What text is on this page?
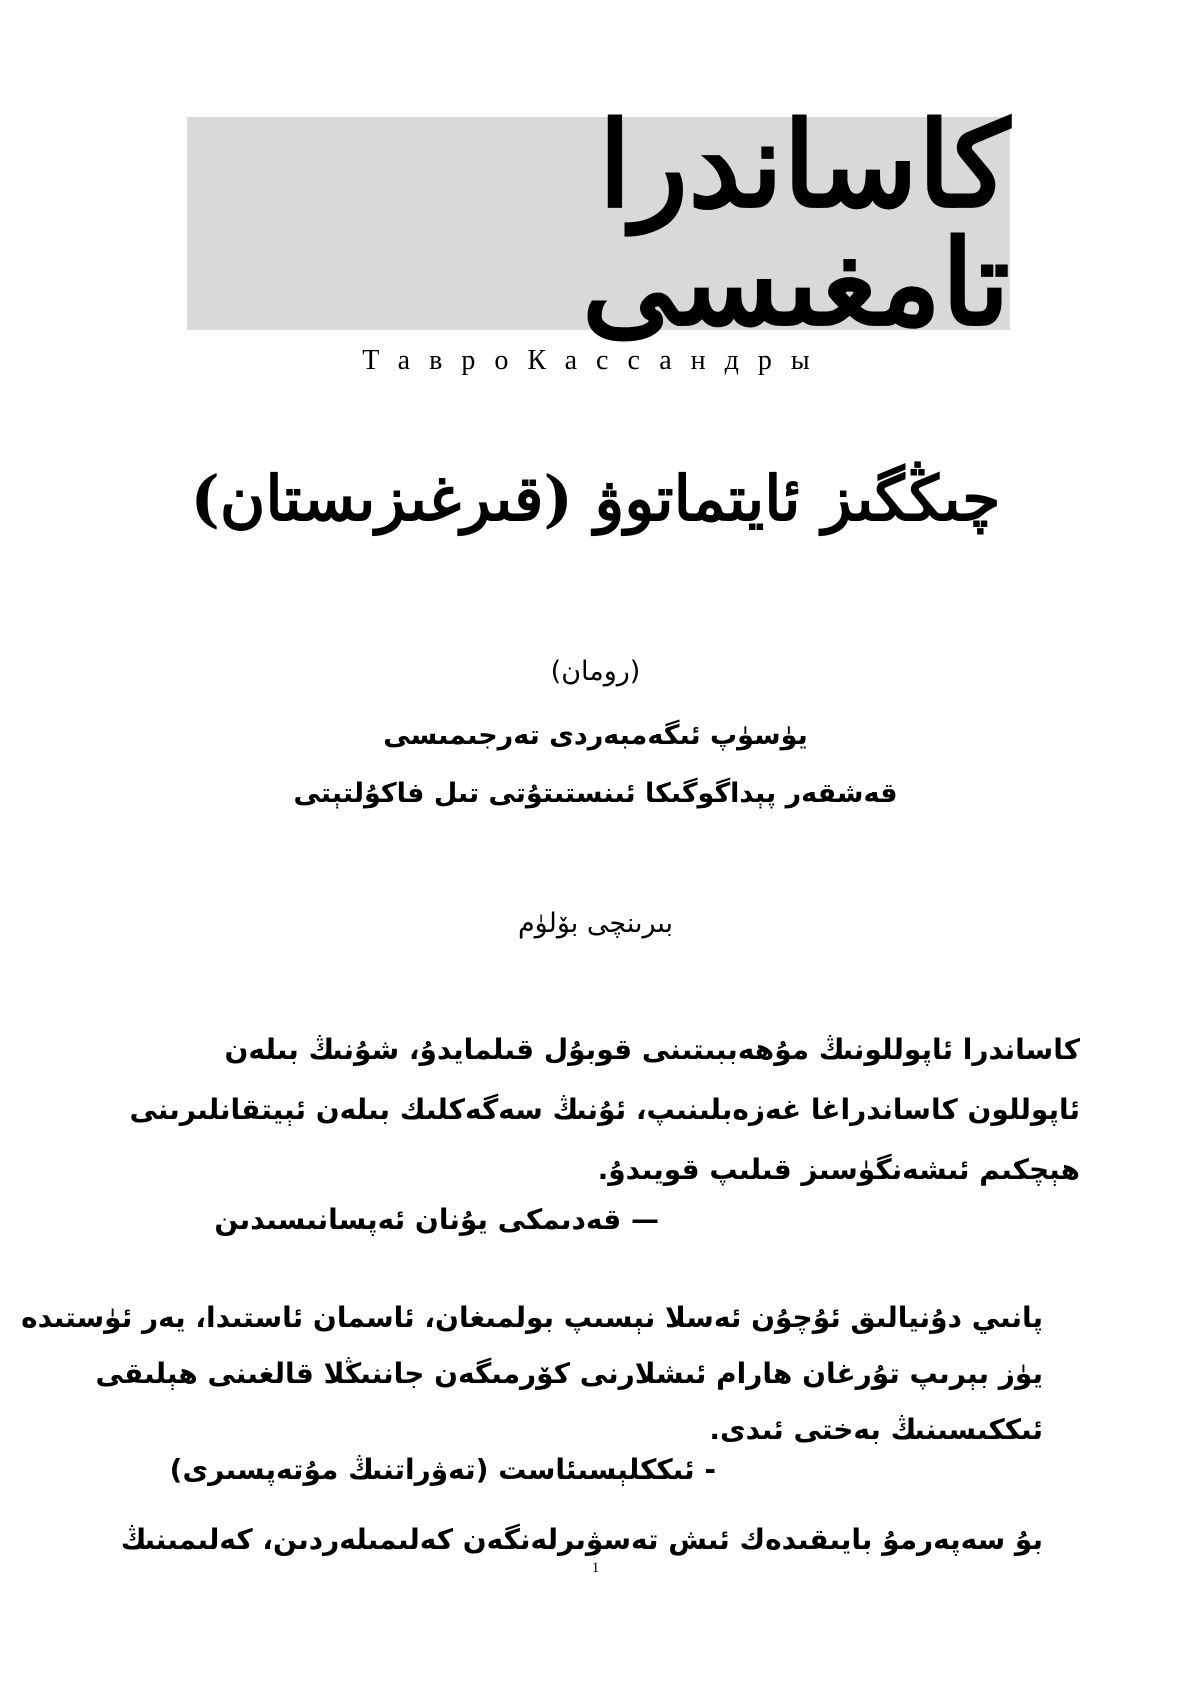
كاساندرا تامغىسى
ТаврoКассандры
چىڭگىز ئايتماتوۋ (قىرغىزىستان)
(رومان)
يۈسۈپ ئىگەمبەردى تەرجىمىسى
قەشقەر پېداگوگىكا ئىنستىتۇتى تىل فاكۇلتېتى
بىرىنچى بۆلۈم
كاساندرا ئاپوللونىڭ مۇھەببىتىنى قوبۇل قىلمايدۇ، شۇنىڭ بىلەن
ئاپوللون كاساندراغا غەزەبلىنىپ، ئۇنىڭ سەگەكلىك بىلەن ئېيتقانلىرىنى
ھېچكىم ئىشەنگۈسىز قىلىپ قويىدۇ.
— قەدىمكى يۇنان ئەپسانىسىدىن
پانىي دۇنيالىق ئۇچۇن ئەسلا نېسىپ بولمىغان، ئاسمان ئاستىدا، يەر ئۈستىدە
يۈز بېرىپ تۇرغان ھارام ئىشلارنى كۆرمىگەن جاننىڭلا قالغىنى ھېلىقى
ئىككىسىنىڭ بەختى ئىدى.
- ئىككلېسىئاست (تەۋراتنىڭ مۇتەپسىرى)
بۇ سەپەرمۇ بايىقىدەك ئىش تەسۋىرلەنگەن كەلىمىلەردىن، كەلىمىنىڭ
1
